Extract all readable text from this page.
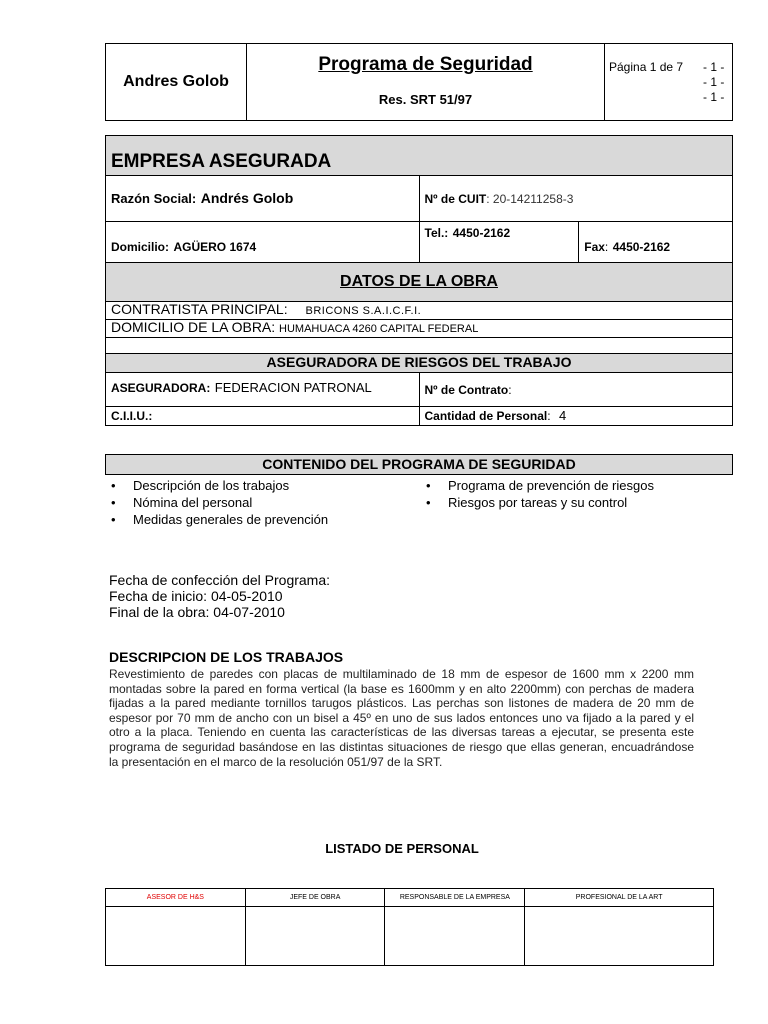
Andres Golob	
Programa de Seguridad
Res. SRT 51/97

Página 1 de 7 - 1 -
- 1 -
- 1 -
EMPRESA ASEGURADA		
Razón Social: Andrés Golob	Nº de CUIT: 20-14211258-3	
Domicilio: AGÜERO 1674	Tel.: 4450-2162	Fax: 4450-2162
DATOS DE LA OBRA		
CONTRATISTA PRINCIPAL: BRICONS S.A.I.C.F.I.		
DOMICILIO DE LA OBRA: HUMAHUACA 4260 CAPITAL FEDERAL		

ASEGURADORA DE RIESGOS DEL TRABAJO		
ASEGURADORA: FEDERACION PATRONAL	Nº de Contrato:	
C.I.I.U.:	Cantidad de Personal: 4	
CONTENIDO DEL PROGRAMA DE SEGURIDAD
• Descripción de los trabajos
• Nómina del personal
• Medidas generales de prevención
• Programa de prevención de riesgos
• Riesgos por tareas y su control
Fecha de confección del Programa:
Fecha de inicio: 04-05-2010
Final de la obra: 04-07-2010
DESCRIPCION DE LOS TRABAJOS
Revestimiento de paredes con placas de multilaminado de 18 mm de espesor de 1600 mm x 2200 mm montadas sobre la pared en forma vertical (la base es 1600mm y en alto 2200mm) con perchas de madera fijadas a la pared mediante tornillos tarugos plásticos. Las perchas son listones de madera de 20 mm de espesor por 70 mm de ancho con un bisel a 45º en uno de sus lados entonces uno va fijado a la pared y el otro a la placa. Teniendo en cuenta las características de las diversas tareas a ejecutar, se presenta este programa de seguridad basándose en las distintas situaciones de riesgo que ellas generan, encuadrándose la presentación en el marco de la resolución 051/97 de la SRT.
LISTADO DE PERSONAL
ASESOR DE H&S	JEFE DE OBRA	RESPONSABLE DE LA EMPRESA	PROFESIONAL DE LA ART
